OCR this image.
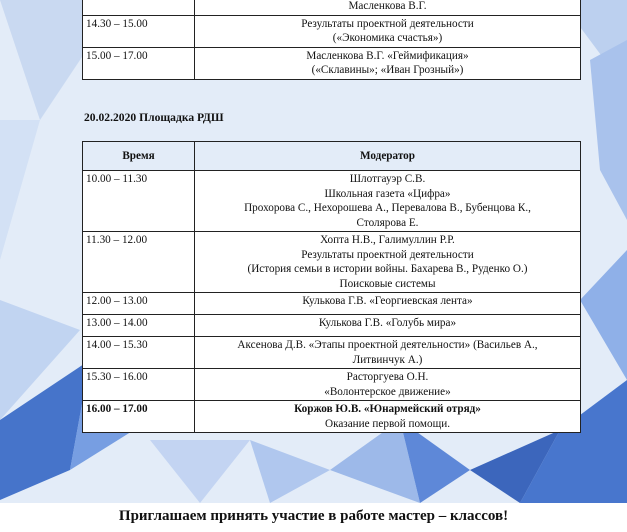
	Масленкова В.Г.

14.30 – 15.00	Результаты проектной деятельности
(«Экономика счастья»)

15.00 – 17.00	Масленкова В.Г. «Геймификация»
(«Склавины»; «Иван Грозный»)
20.02.2020 Площадка РДШ
Время	Модератор
10.00 – 11.30	Шлотгауэр С.В.
Школьная газета «Цифра»
Прохорова С., Нехорошева А., Перевалова В., Бубенцова К.,
Столярова Е.

11.30 – 12.00	Хопта Н.В., Галимуллин Р.Р.
Результаты проектной деятельности
(История семьи в истории войны. Бахарева В., Руденко О.)
Поисковые системы

12.00 – 13.00	Кулькова Г.В. «Георгиевская лента»

13.00 – 14.00	Кулькова Г.В. «Голубь мира»

14.00 – 15.30	Аксенова Д.В. «Этапы проектной деятельности» (Васильев А.,
Литвинчук А.)

15.30 – 16.00	Расторгуева О.Н.
«Волонтерское движение»

16.00 – 17.00	Коржов Ю.В. «Юнармейский отряд»
Оказание первой помощи.
Приглашаем принять участие в работе мастер – классов!
